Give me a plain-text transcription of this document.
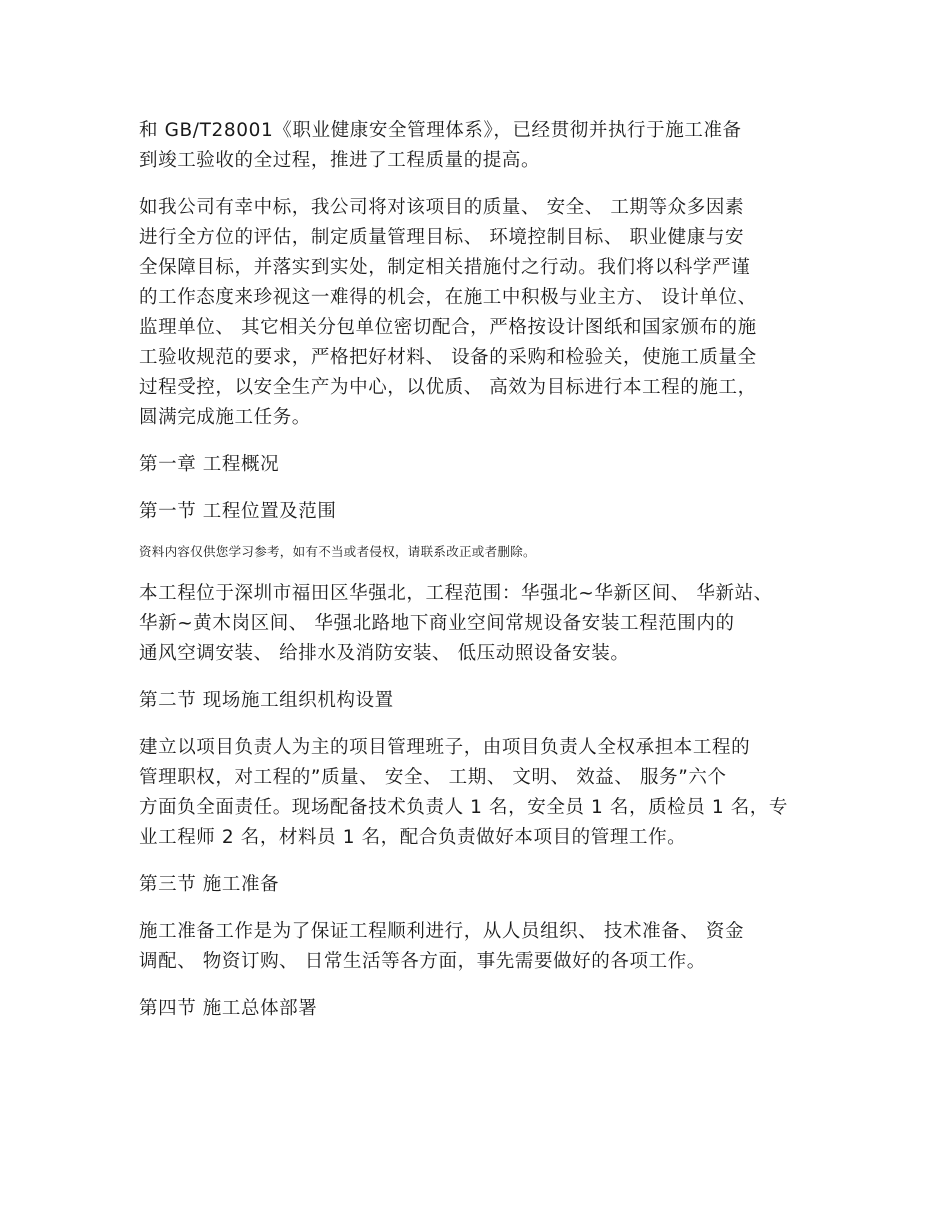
和 GB/T28001《职业健康安全管理体系》，已经贯彻并执行于施工准备
到竣工验收的全过程，推进了工程质量的提高。
如我公司有幸中标，我公司将对该项目的质量、 安全、 工期等众多因素
进行全方位的评估，制定质量管理目标、 环境控制目标、 职业健康与安
全保障目标，并落实到实处，制定相关措施付之行动。我们将以科学严谨
的工作态度来珍视这一难得的机会，在施工中积极与业主方、 设计单位、
监理单位、 其它相关分包单位密切配合，严格按设计图纸和国家颁布的施
工验收规范的要求，严格把好材料、 设备的采购和检验关，使施工质量全
过程受控，以安全生产为中心，以优质、 高效为目标进行本工程的施工，
圆满完成施工任务。
第一章 工程概况
第一节 工程位置及范围
资料内容仅供您学习参考，如有不当或者侵权，请联系改正或者删除。
本工程位于深圳市福田区华强北，工程范围：华强北~华新区间、 华新站、
华新~黄木岗区间、 华强北路地下商业空间常规设备安装工程范围内的
通风空调安装、 给排水及消防安装、 低压动照设备安装。
第二节 现场施工组织机构设置
建立以项目负责人为主的项目管理班子，由项目负责人全权承担本工程的
管理职权，对工程的”质量、 安全、 工期、 文明、 效益、 服务”六个
方面负全面责任。现场配备技术负责人 1 名，安全员 1 名，质检员 1 名，专
业工程师 2 名，材料员 1 名，配合负责做好本项目的管理工作。
第三节 施工准备
施工准备工作是为了保证工程顺利进行，从人员组织、 技术准备、 资金
调配、 物资订购、 日常生活等各方面，事先需要做好的各项工作。
第四节 施工总体部署
